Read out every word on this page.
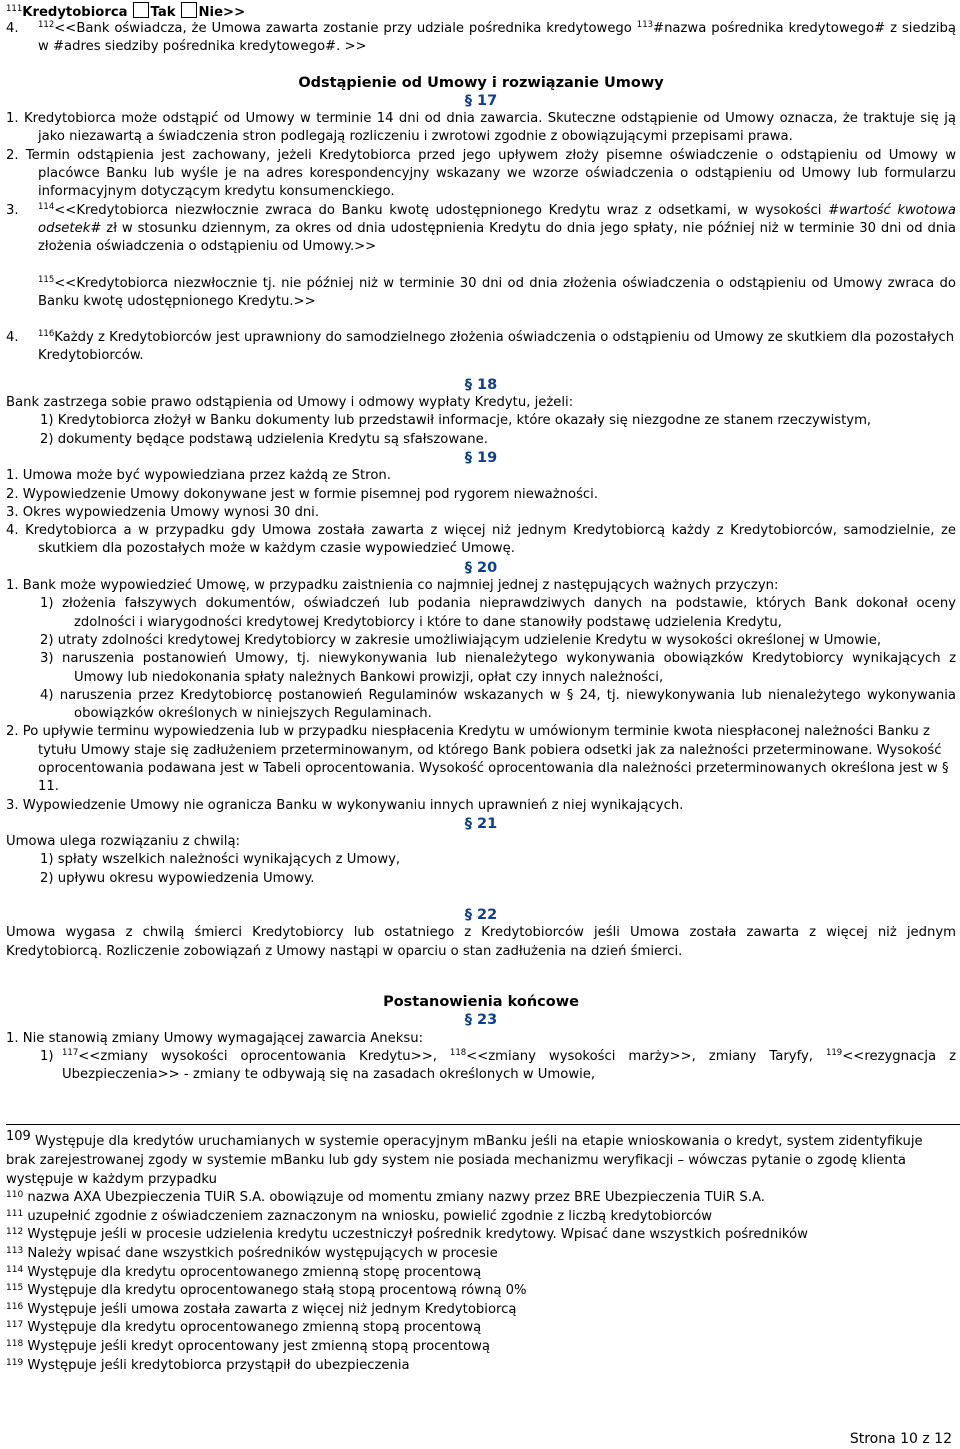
$^{111}$Kredytobiorca Tak Nie>>

4. $^{112}$<<Bank oświadcza, że Umowa zawarta zostanie przy udziale pośrednika kredytowego $^{113}$#nazwa pośrednika kredytowego# z siedzibą w #adres siedziby pośrednika kredytowego#. >>

Odstąpienie od Umowy i rozwiązanie Umowy

§ 17

1. Kredytobiorca może odstąpić od Umowy w terminie 14 dni od dnia zawarcia. Skuteczne odstąpienie od Umowy oznacza, że traktuje się ją jako niezawartą a świadczenia stron podlegają rozliczeniu i zwrotowi zgodnie z obowiązującymi przepisami prawa.

2. Termin odstąpienia jest zachowany, jeżeli Kredytobiorca przed jego upływem złoży pisemne oświadczenie o odstąpieniu od Umowy w placówce Banku lub wyśle je na adres korespondencyjny wskazany we wzorze oświadczenia o odstąpieniu od Umowy lub formularzu informacyjnym dotyczącym kredytu konsumenckiego.

3. $^{114}$<<Kredytobiorca niezwłocznie zwraca do Banku kwotę udostępnionego Kredytu wraz z odsetkami, w wysokości #wartość kwotowa odsetek# zł w stosunku dziennym, za okres od dnia udostępnienia Kredytu do dnia jego spłaty, nie później niż w terminie 30 dni od dnia złożenia oświadczenia o odstąpieniu od Umowy.>>

$^{115}$<<Kredytobiorca niezwłocznie tj. nie później niż w terminie 30 dni od dnia złożenia oświadczenia o odstąpieniu od Umowy zwraca do Banku kwotę udostępnionego Kredytu.>>

4. $^{116}$Każdy z Kredytobiorców jest uprawniony do samodzielnego złożenia oświadczenia o odstąpieniu od Umowy ze skutkiem dla pozostałych Kredytobiorców.

§ 18

Bank zastrzega sobie prawo odstąpienia od Umowy i odmowy wypłaty Kredytu, jeżeli:

1) Kredytobiorca złożył w Banku dokumenty lub przedstawił informacje, które okazały się niezgodne ze stanem rzeczywistym,

2) dokumenty będące podstawą udzielenia Kredytu są sfałszowane.

§ 19

1. Umowa może być wypowiedziana przez każdą ze Stron.

2. Wypowiedzenie Umowy dokonywane jest w formie pisemnej pod rygorem nieważności.

3. Okres wypowiedzenia Umowy wynosi 30 dni.

4. Kredytobiorca a w przypadku gdy Umowa została zawarta z więcej niż jednym Kredytobiorcą każdy z Kredytobiorców, samodzielnie, ze skutkiem dla pozostałych może w każdym czasie wypowiedzieć Umowę.

§ 20

1. Bank może wypowiedzieć Umowę, w przypadku zaistnienia co najmniej jednej z następujących ważnych przyczyn:

1) złożenia fałszywych dokumentów, oświadczeń lub podania nieprawdziwych danych na podstawie, których Bank dokonał oceny zdolności i wiarygodności kredytowej Kredytobiorcy i które to dane stanowiły podstawę udzielenia Kredytu,

2) utraty zdolności kredytowej Kredytobiorcy w zakresie umożliwiającym udzielenie Kredytu w wysokości określonej w Umowie,

3) naruszenia postanowień Umowy, tj. niewykonywania lub nienależytego wykonywania obowiązków Kredytobiorcy wynikających z Umowy lub niedokonania spłaty należnych Bankowi prowizji, opłat czy innych należności,

4) naruszenia przez Kredytobiorcę postanowień Regulaminów wskazanych w § 24, tj. niewykonywania lub nienależytego wykonywania obowiązków określonych w niniejszych Regulaminach.

2. Po upływie terminu wypowiedzenia lub w przypadku niespłacenia Kredytu w umówionym terminie kwota niespłaconej należności Banku z tytułu Umowy staje się zadłużeniem przeterminowanym, od którego Bank pobiera odsetki jak za należności przeterminowane. Wysokość oprocentowania podawana jest w Tabeli oprocentowania. Wysokość oprocentowania dla należności przeterminowanych określona jest w § 11.

3. Wypowiedzenie Umowy nie ogranicza Banku w wykonywaniu innych uprawnień z niej wynikających.

§ 21

Umowa ulega rozwiązaniu z chwilą:

1) spłaty wszelkich należności wynikających z Umowy,

2) upływu okresu wypowiedzenia Umowy.

§ 22

Umowa wygasa z chwilą śmierci Kredytobiorcy lub ostatniego z Kredytobiorców jeśli Umowa została zawarta z więcej niż jednym Kredytobiorcą. Rozliczenie zobowiązań z Umowy nastąpi w oparciu o stan zadłużenia na dzień śmierci.

Postanowienia końcowe

§ 23

1. Nie stanowią zmiany Umowy wymagającej zawarcia Aneksu:

1) $^{117}$<<zmiany wysokości oprocentowania Kredytu>>, $^{118}$<<zmiany wysokości marży>>, zmiany Taryfy, $^{119}$<<rezygnacja z Ubezpieczenia>> - zmiany te odbywają się na zasadach określonych w Umowie,

109 Występuje dla kredytów uruchamianych w systemie operacyjnym mBanku jeśli na etapie wnioskowania o kredyt, system zidentyfikuje brak zarejestrowanej zgody w systemie mBanku lub gdy system nie posiada mechanizmu weryfikacji – wówczas pytanie o zgodę klienta występuje w każdym przypadku

$^{110}$ nazwa AXA Ubezpieczenia TUiR S.A. obowiązuje od momentu zmiany nazwy przez BRE Ubezpieczenia TUiR S.A.

$^{111}$ uzupełnić zgodnie z oświadczeniem zaznaczonym na wniosku, powielić zgodnie z liczbą kredytobiorców

$^{112}$ Występuje jeśli w procesie udzielenia kredytu uczestniczył pośrednik kredytowy. Wpisać dane wszystkich pośredników

$^{113}$ Należy wpisać dane wszystkich pośredników występujących w procesie

$^{114}$ Występuje dla kredytu oprocentowanego zmienną stopę procentową

$^{115}$ Występuje dla kredytu oprocentowanego stałą stopą procentową równą 0%

$^{116}$ Występuje jeśli umowa została zawarta z więcej niż jednym Kredytobiorcą

$^{117}$ Występuje dla kredytu oprocentowanego zmienną stopą procentową

$^{118}$ Występuje jeśli kredyt oprocentowany jest zmienną stopą procentową

$^{119}$ Występuje jeśli kredytobiorca przystąpił do ubezpieczenia

Strona 10 z 12
